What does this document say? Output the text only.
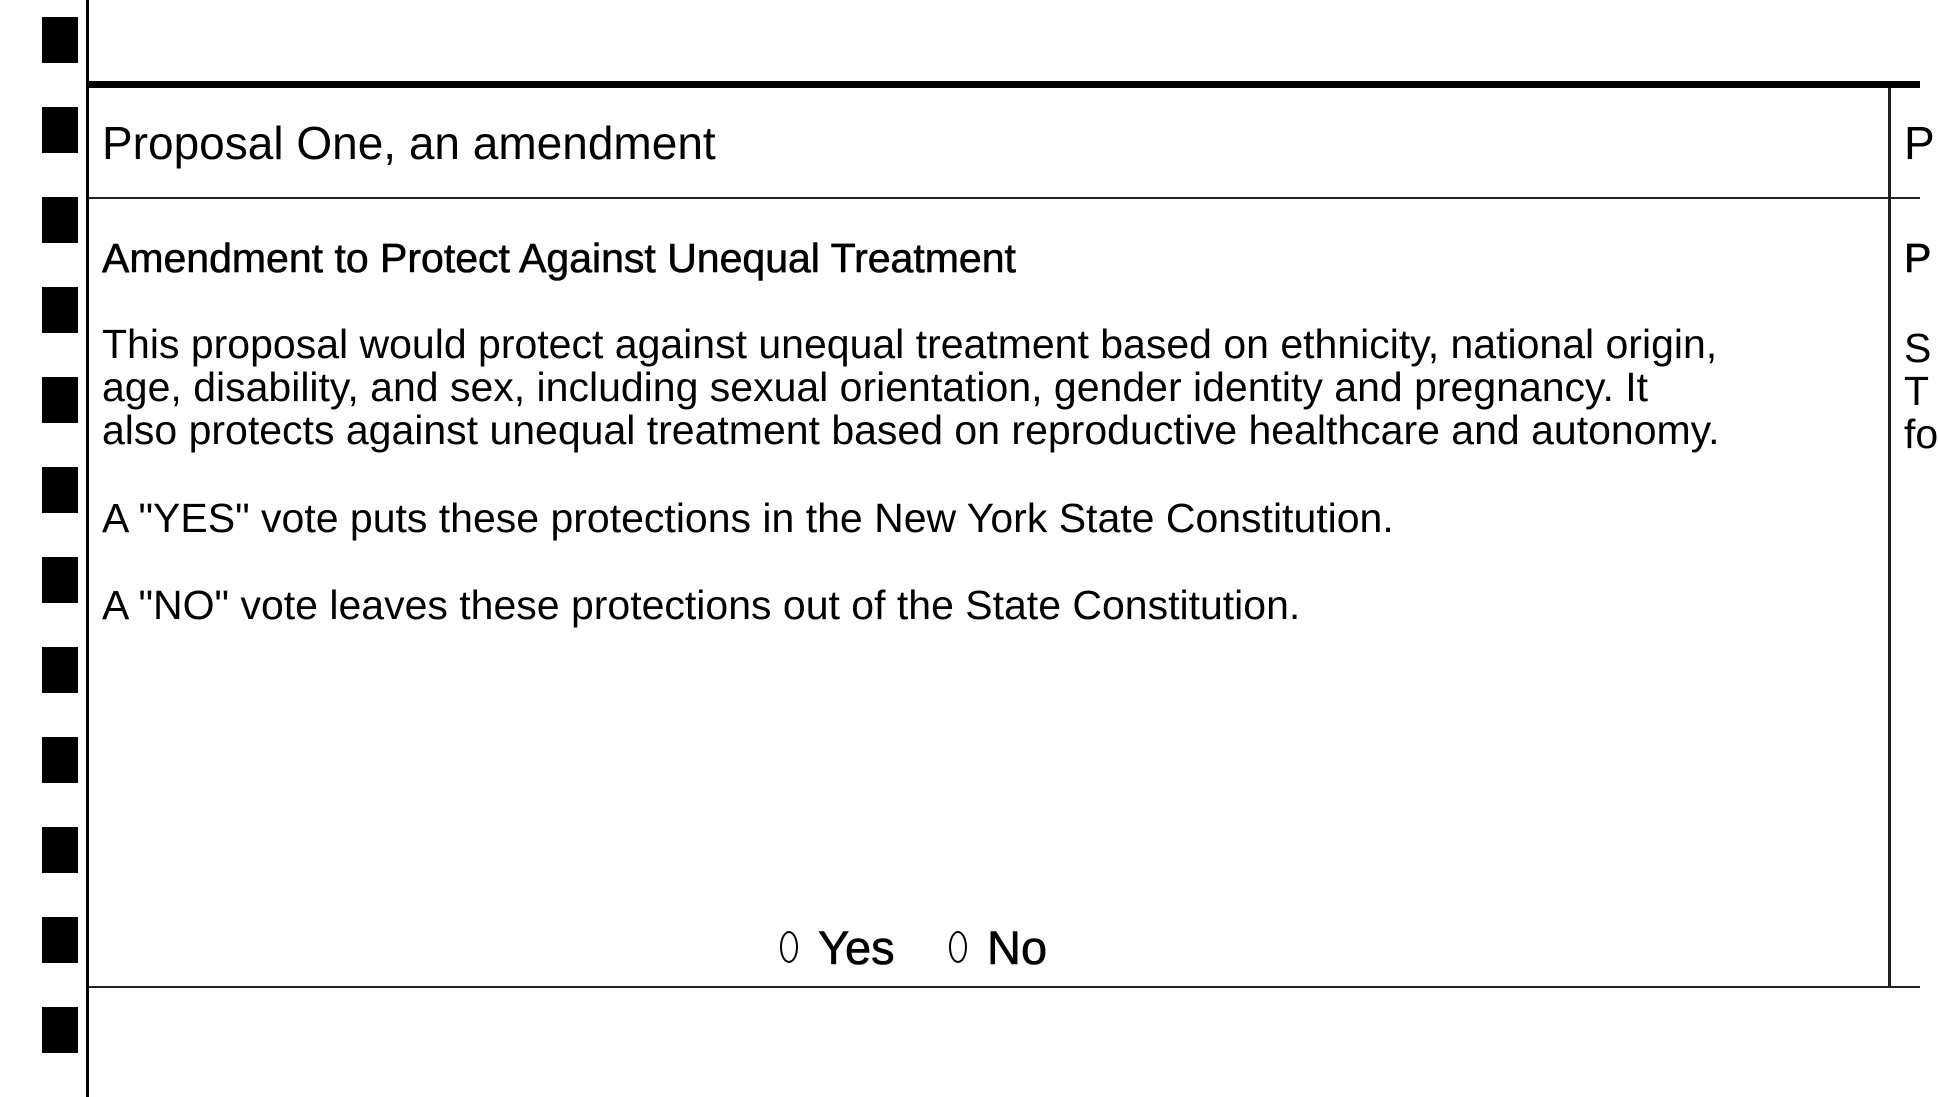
Proposal One, an amendment
Amendment to Protect Against Unequal Treatment

This proposal would protect against unequal treatment based on ethnicity, national origin,
age, disability, and sex, including sexual orientation, gender identity and pregnancy. It
also protects against unequal treatment based on reproductive healthcare and autonomy.

A "YES" vote puts these protections in the New York State Constitution.

A "NO" vote leaves these protections out of the State Constitution.

Yes No
P
P
S
T
fo
